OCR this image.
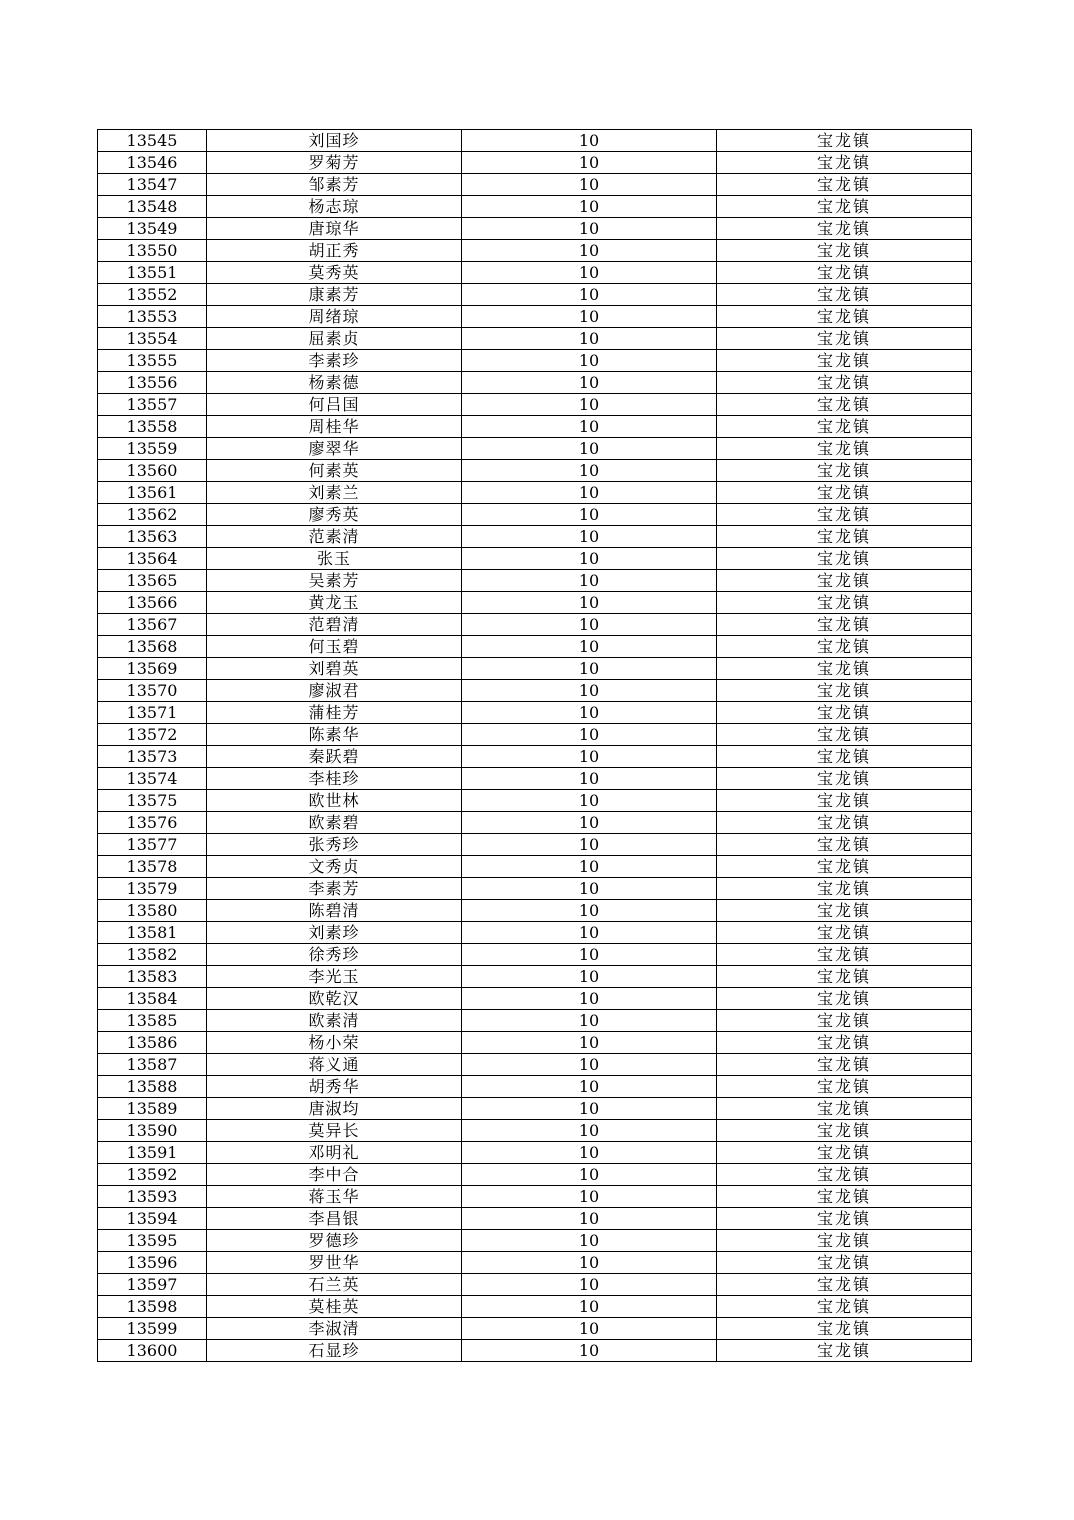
13545	刘国珍	10	宝龙镇
13546	罗菊芳	10	宝龙镇
13547	邹素芳	10	宝龙镇
13548	杨志琼	10	宝龙镇
13549	唐琼华	10	宝龙镇
13550	胡正秀	10	宝龙镇
13551	莫秀英	10	宝龙镇
13552	康素芳	10	宝龙镇
13553	周绪琼	10	宝龙镇
13554	屈素贞	10	宝龙镇
13555	李素珍	10	宝龙镇
13556	杨素德	10	宝龙镇
13557	何吕国	10	宝龙镇
13558	周桂华	10	宝龙镇
13559	廖翠华	10	宝龙镇
13560	何素英	10	宝龙镇
13561	刘素兰	10	宝龙镇
13562	廖秀英	10	宝龙镇
13563	范素清	10	宝龙镇
13564	张玉	10	宝龙镇
13565	吴素芳	10	宝龙镇
13566	黄龙玉	10	宝龙镇
13567	范碧清	10	宝龙镇
13568	何玉碧	10	宝龙镇
13569	刘碧英	10	宝龙镇
13570	廖淑君	10	宝龙镇
13571	蒲桂芳	10	宝龙镇
13572	陈素华	10	宝龙镇
13573	秦跃碧	10	宝龙镇
13574	李桂珍	10	宝龙镇
13575	欧世林	10	宝龙镇
13576	欧素碧	10	宝龙镇
13577	张秀珍	10	宝龙镇
13578	文秀贞	10	宝龙镇
13579	李素芳	10	宝龙镇
13580	陈碧清	10	宝龙镇
13581	刘素珍	10	宝龙镇
13582	徐秀珍	10	宝龙镇
13583	李光玉	10	宝龙镇
13584	欧乾汉	10	宝龙镇
13585	欧素清	10	宝龙镇
13586	杨小荣	10	宝龙镇
13587	蒋义通	10	宝龙镇
13588	胡秀华	10	宝龙镇
13589	唐淑均	10	宝龙镇
13590	莫异长	10	宝龙镇
13591	邓明礼	10	宝龙镇
13592	李中合	10	宝龙镇
13593	蒋玉华	10	宝龙镇
13594	李昌银	10	宝龙镇
13595	罗德珍	10	宝龙镇
13596	罗世华	10	宝龙镇
13597	石兰英	10	宝龙镇
13598	莫桂英	10	宝龙镇
13599	李淑清	10	宝龙镇
13600	石显珍	10	宝龙镇
